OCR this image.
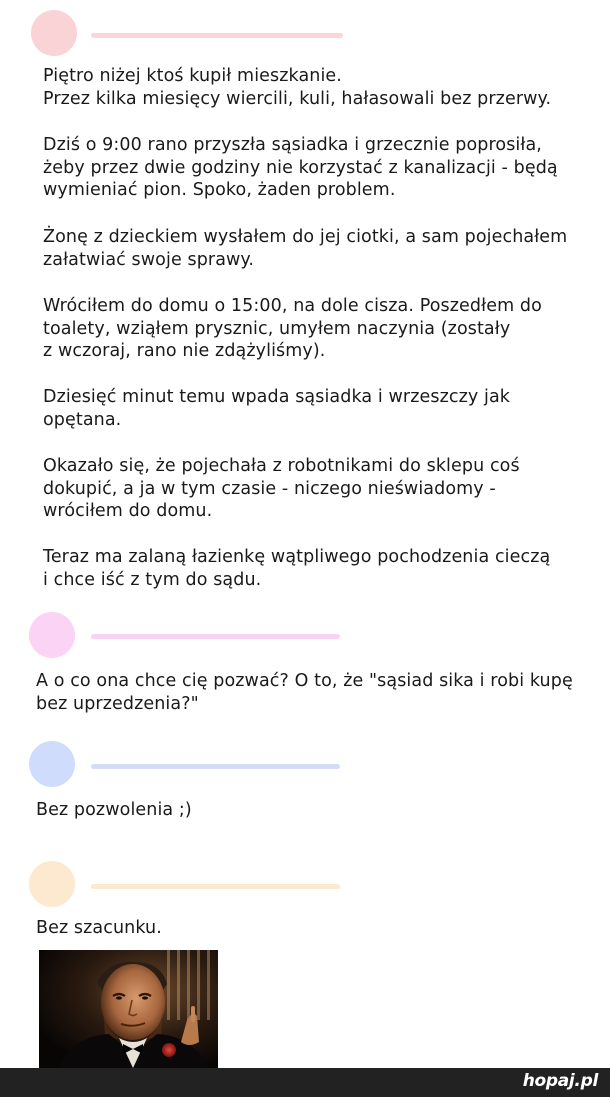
Piętro niżej ktoś kupił mieszkanie.
Przez kilka miesięcy wiercili, kuli, hałasowali bez przerwy.

Dziś o 9:00 rano przyszła sąsiadka i grzecznie poprosiła,
żeby przez dwie godziny nie korzystać z kanalizacji - będą
wymieniać pion. Spoko, żaden problem.

Żonę z dzieckiem wysłałem do jej ciotki, a sam pojechałem
załatwiać swoje sprawy.

Wróciłem do domu o 15:00, na dole cisza. Poszedłem do
toalety, wziąłem prysznic, umyłem naczynia (zostały
z wczoraj, rano nie zdążyliśmy).

Dziesięć minut temu wpada sąsiadka i wrzeszczy jak
opętana.

Okazało się, że pojechała z robotnikami do sklepu coś
dokupić, a ja w tym czasie - niczego nieświadomy -
wróciłem do domu.

Teraz ma zalaną łazienkę wątpliwego pochodzenia cieczą
i chce iść z tym do sądu.

A o co ona chce cię pozwać? O to, że "sąsiad sika i robi kupę
bez uprzedzenia?"

Bez pozwolenia ;)

Bez szacunku.

hopaj.pl
